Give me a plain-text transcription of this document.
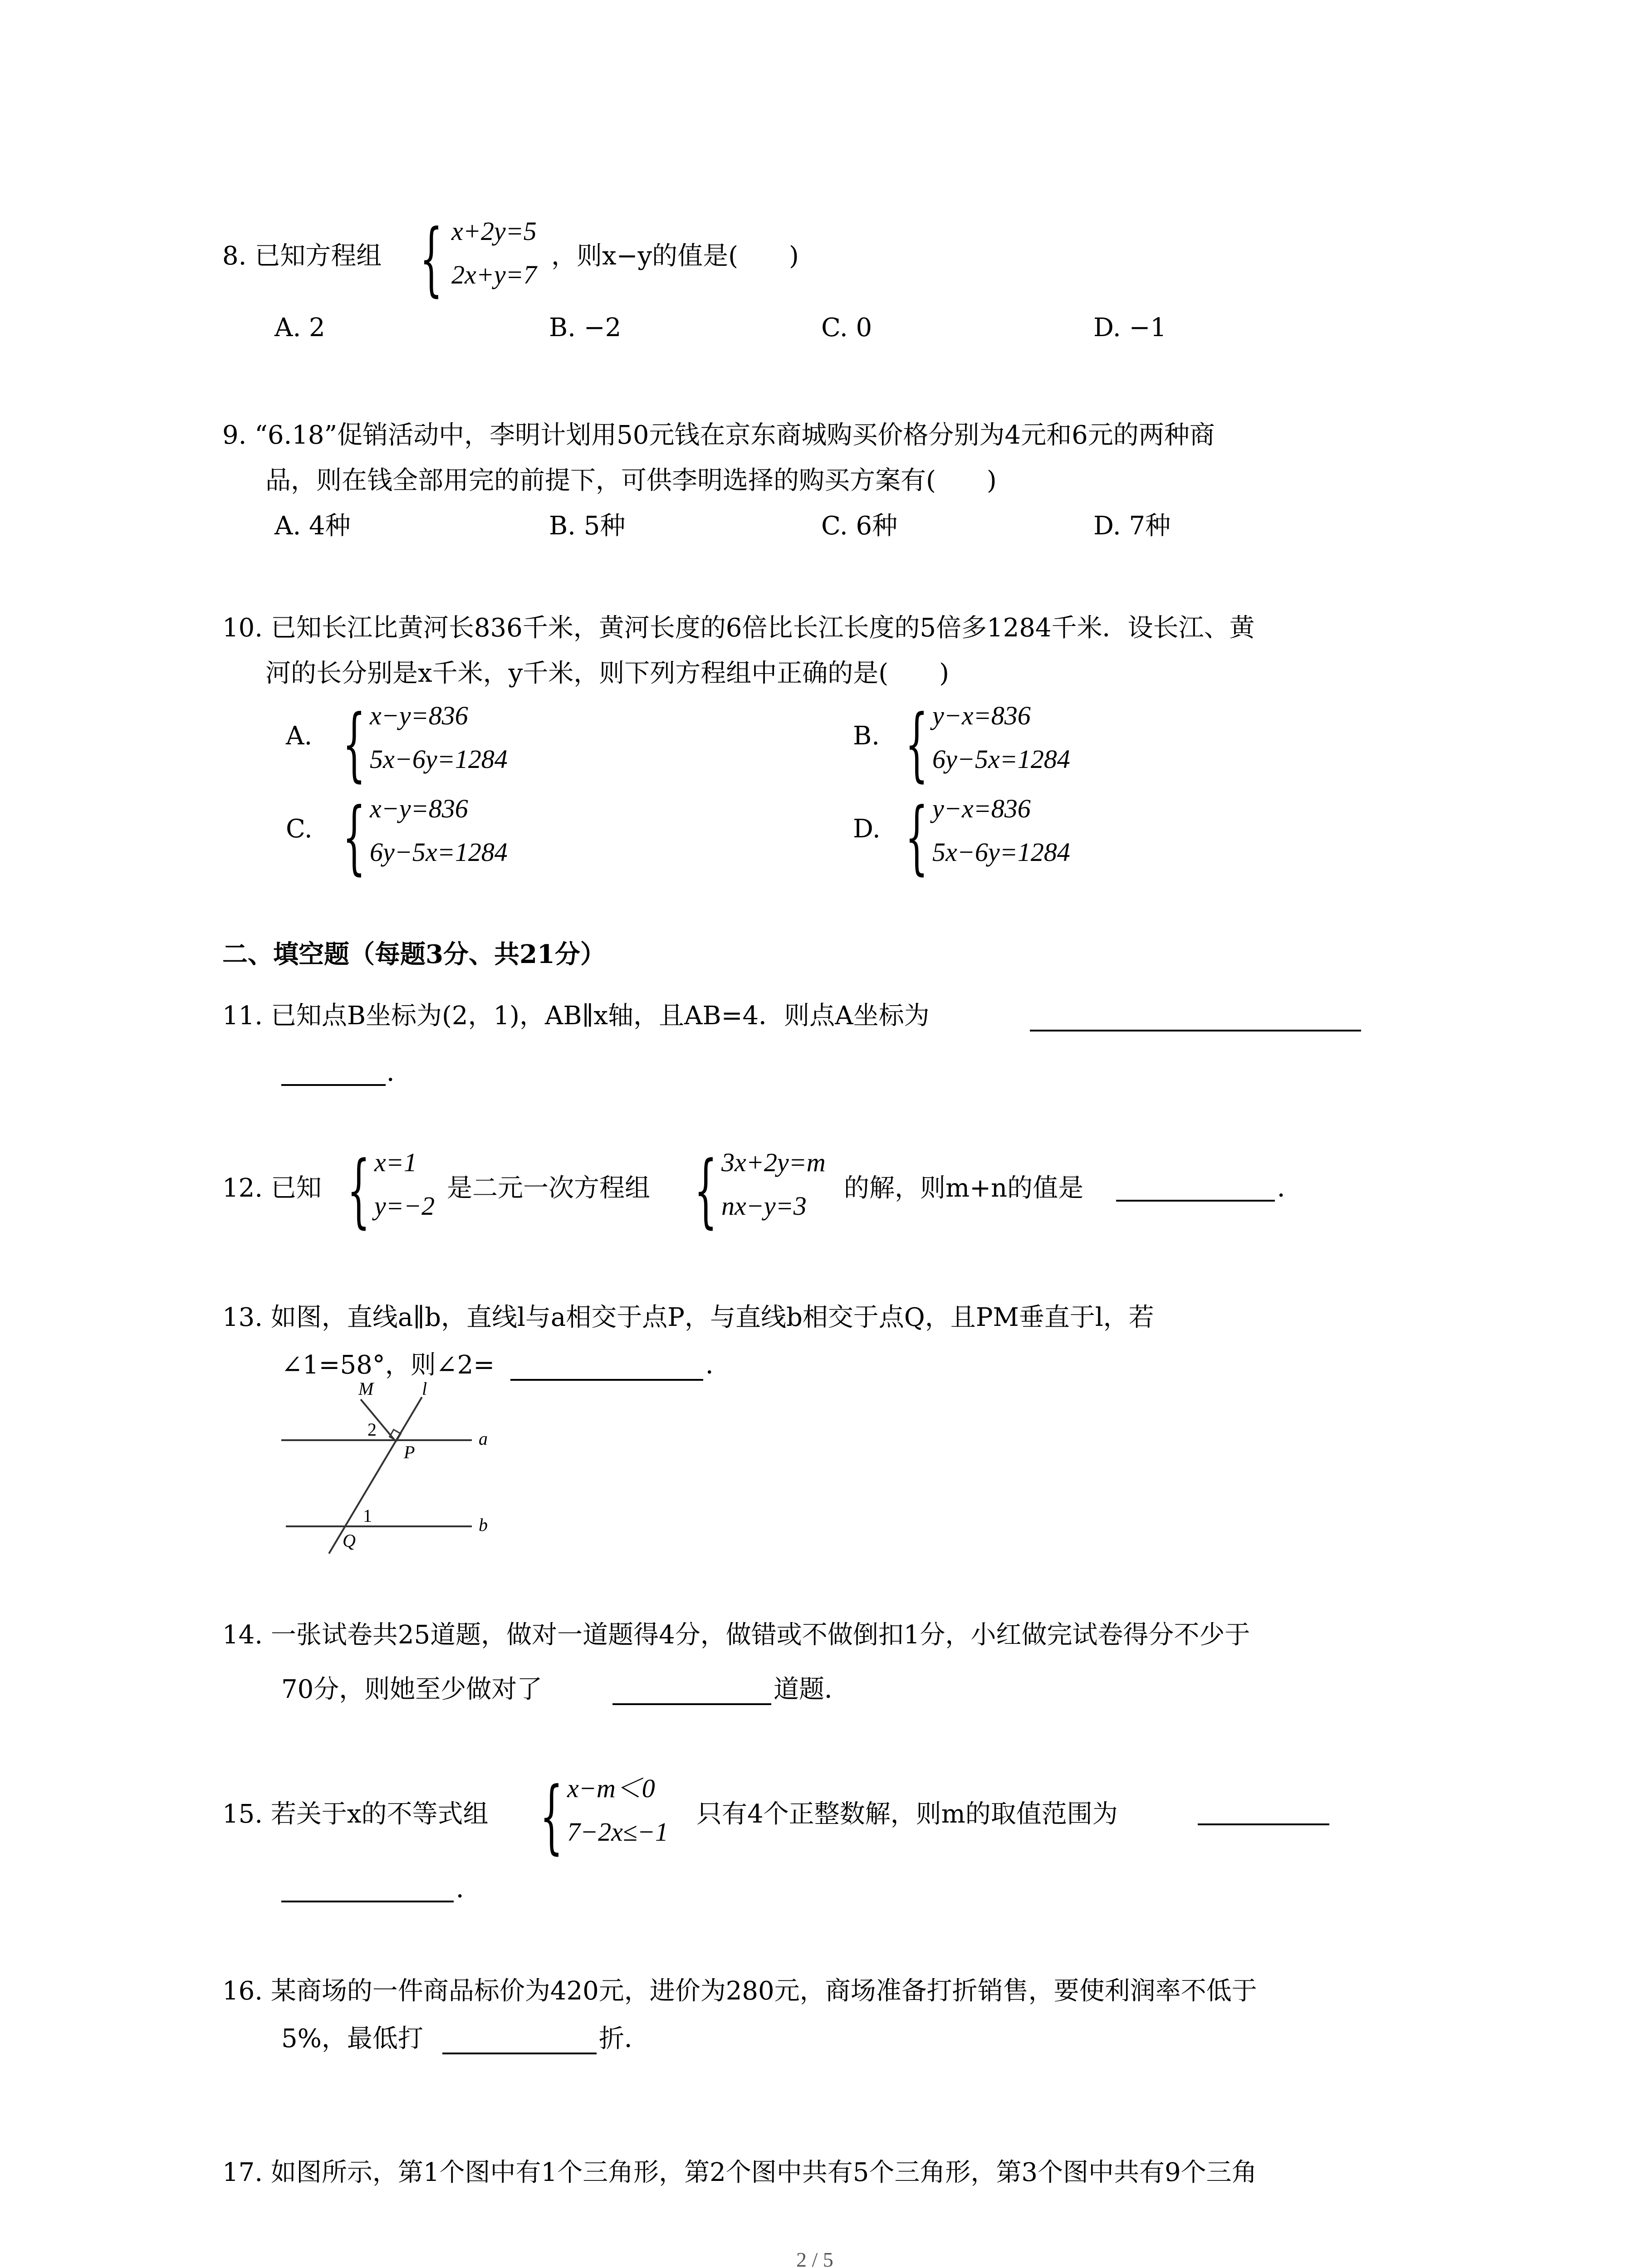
8. 已知方程组 { x+2y=5
2x+y=7
，则x−y的值是(　　)
A. 2	B. −2	C. 0	D. −1
9. “6.18”促销活动中，李明计划用50元钱在京东商城购买价格分别为4元和6元的两种商
品，则在钱全部用完的前提下，可供李明选择的购买方案有(　　)
A. 4种	B. 5种	C. 6种	D. 7种
10. 已知长江比黄河长836千米，黄河长度的6倍比长江长度的5倍多1284千米．设长江、黄
河的长分别是x千米，y千米，则下列方程组中正确的是(　　)
A. { x−y=836
5x−6y=1284
B. { y−x=836
6y−5x=1284
C. { x−y=836
6y−5x=1284
D. { y−x=836
5x−6y=1284
二、填空题（每题3分、共21分）
11. 已知点B坐标为(2，1)，AB∥x轴，且AB=4．则点A坐标为
．
12. 已知 { x=1
y=−2
是二元一次方程组 { 3x+2y=m
nx−y=3
的解，则m+n的值是	．
13. 如图，直线a∥b，直线l与a相交于点P，与直线b相交于点Q，且PM垂直于l，若
∠1=58°，则∠2=	．
M	l
2
P
a
1	b
Q
14. 一张试卷共25道题，做对一道题得4分，做错或不做倒扣1分，小红做完试卷得分不少于
70分，则她至少做对了	道题．
15. 若关于x的不等式组 { x−m＜0
7−2x≤−1
只有4个正整数解，则m的取值范围为
．
16. 某商场的一件商品标价为420元，进价为280元，商场准备打折销售，要使利润率不低于
5%，最低打	折．
17. 如图所示，第1个图中有1个三角形，第2个图中共有5个三角形，第3个图中共有9个三角
2 / 5
